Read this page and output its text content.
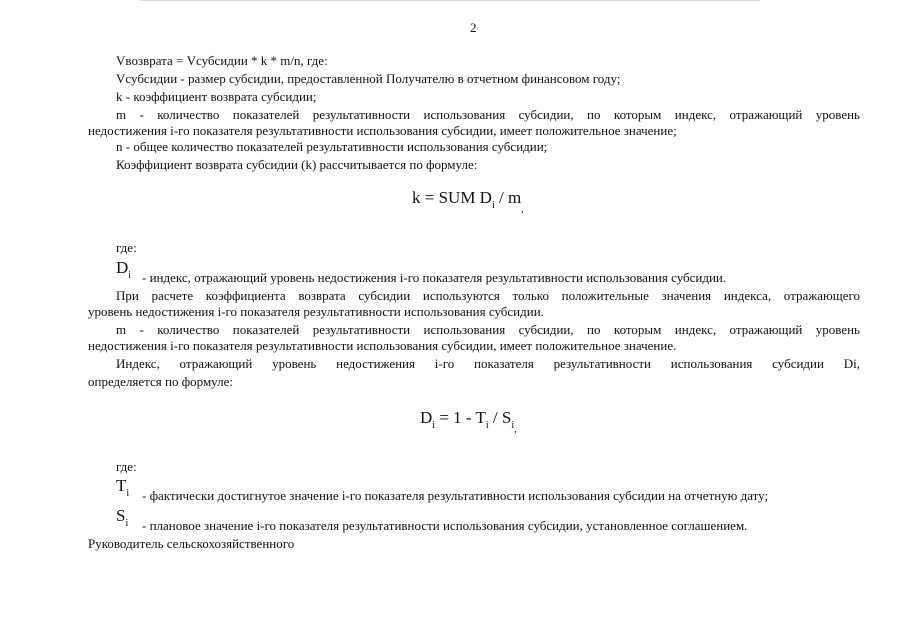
2
Vвозврата = Vсубсидии * k * m/n, где:
Vсубсидии - размер субсидии, предоставленной Получателю в отчетном финансовом году;
k - коэффициент возврата субсидии;
m - количество показателей результативности использования субсидии, по которым индекс, отражающий уровень
недостижения i-го показателя результативности использования субсидии, имеет положительное значение;
n - общее количество показателей результативности использования субсидии;
Коэффициент возврата субсидии (k) рассчитывается по формуле:
k = SUM $D_i / m_,$
где:
$D_i$ - индекс, отражающий уровень недостижения i-го показателя результативности использования субсидии.
При расчете коэффициента возврата субсидии используются только положительные значения индекса, отражающего
уровень недостижения i-го показателя результативности использования субсидии.
m - количество показателей результативности использования субсидии, по которым индекс, отражающий уровень
недостижения i-го показателя результативности использования субсидии, имеет положительное значение.
Индекс, отражающий уровень недостижения i-го показателя результативности использования субсидии Di,
определяется по формуле:
$D_i = 1 - T_i / S_{i,}$
где:
$T_i$ - фактически достигнутое значение i-го показателя результативности использования субсидии на отчетную дату;
$S_i$ - плановое значение i-го показателя результативности использования субсидии, установленное соглашением.
Руководитель сельскохозяйственного
